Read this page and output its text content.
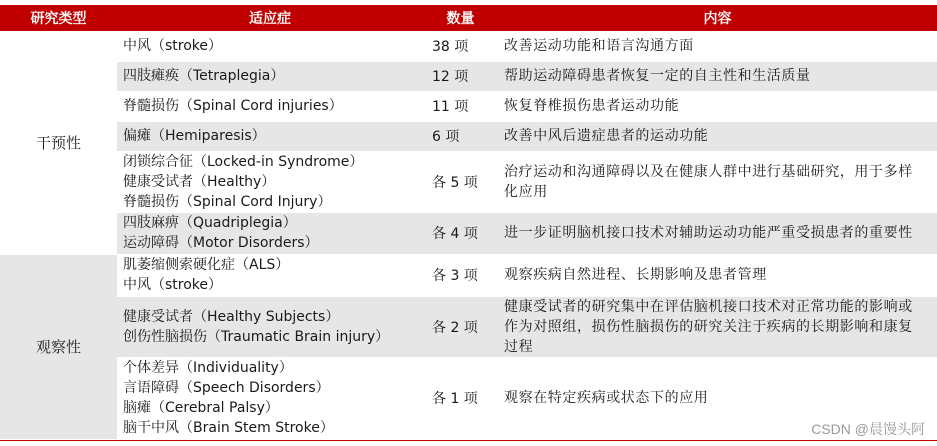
研究类型	适应症	数量	内容
干预性	中风（stroke）	38 项	改善运动功能和语言沟通方面

	四肢瘫痪（Tetraplegia）	12 项	帮助运动障碍患者恢复一定的自主性和生活质量

	脊髓损伤（Spinal Cord injuries）	11 项	恢复脊椎损伤患者运动功能

	偏瘫（Hemiparesis）	6 项	改善中风后遗症患者的运动功能

	闭锁综合征（Locked-in Syndrome）
健康受试者（Healthy）
脊髓损伤（Spinal Cord Injury）	各 5 项	治疗运动和沟通障碍以及在健康人群中进行基础研究，用于多样化应用

	四肢麻痹（Quadriplegia）
运动障碍（Motor Disorders）	各 4 项	进一步证明脑机接口技术对辅助运动功能严重受损患者的重要性
观察性	肌萎缩侧索硬化症（ALS）
中风（stroke）	各 3 项	观察疾病自然进程、长期影响及患者管理

	健康受试者（Healthy Subjects）
创伤性脑损伤（Traumatic Brain injury）	各 2 项	健康受试者的研究集中在评估脑机接口技术对正常功能的影响或作为对照组，损伤性脑损伤的研究关注于疾病的长期影响和康复过程

	个体差异（Individuality）
言语障碍（Speech Disorders）
脑瘫（Cerebral Palsy）
脑干中风（Brain Stem Stroke）	各 1 项	观察在特定疾病或状态下的应用
CSDN @晨馒头阿
